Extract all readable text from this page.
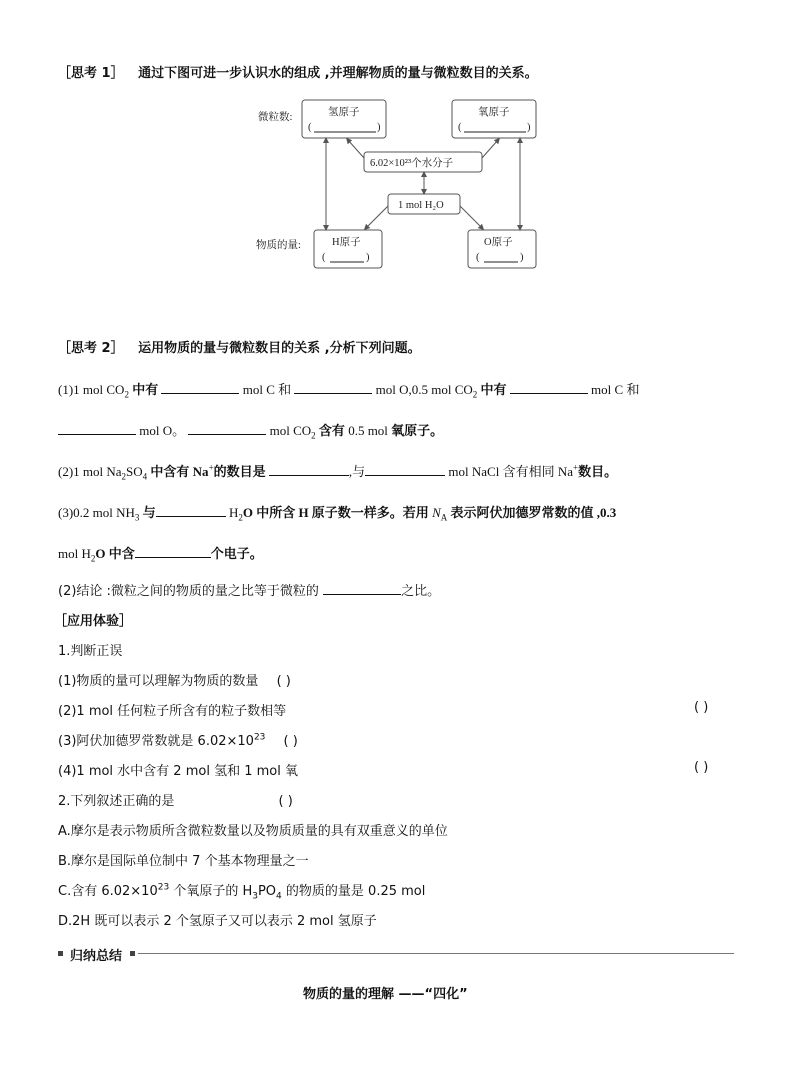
［思考 1］ 通过下图可进一步认识水的组成 ,并理解物质的量与微粒数目的关系。
微粒数:
物质的量:
氢原子
(	)
氧原子
(	)
6.02×10²³个水分子
1 mol H₂O
H原子
(	)
O原子
(	)
［思考 2］ 运用物质的量与微粒数目的关系 ,分析下列问题。
(1)1 mol $CO_2$ 中有	mol C 和	mol O,0.5 mol $CO_2$ 中有	mol C 和
mol O。	mol $CO_2$ 含有 0.5 mol 氧原子。
(2)1 mol $Na_2SO_4$ 中含有 Na+的数目是	,与	mol NaCl 含有相同 Na+数目。
(3)0.2 mol $NH_3$ 与	$H_2O$ 中所含 H 原子数一样多。若用 $N_A$ 表示阿伏加德罗常数的值 ,0.3
mol $H_2O$ 中含	个电子。
(2)结论 :微粒之间的物质的量之比等于微粒的	之比。
［应用体验］
1.判断正误
(1)物质的量可以理解为物质的数量 ( )
(2)1 mol 任何粒子所含有的粒子数相等	( )
(3)阿伏加德罗常数就是 $6.02\times 10^{23}$ ( )
(4)1 mol 水中含有 2 mol 氢和 1 mol 氧	( )
2.下列叙述正确的是	( )
A.摩尔是表示物质所含微粒数量以及物质质量的具有双重意义的单位
B.摩尔是国际单位制中 7 个基本物理量之一
C.含有 $6.02\times 10^{23}$ 个氧原子的 $H_3PO_4$ 的物质的量是 0.25 mol
D.2H 既可以表示 2 个氢原子又可以表示 2 mol 氢原子
归纳总结
物质的量的理解 ——“四化”
